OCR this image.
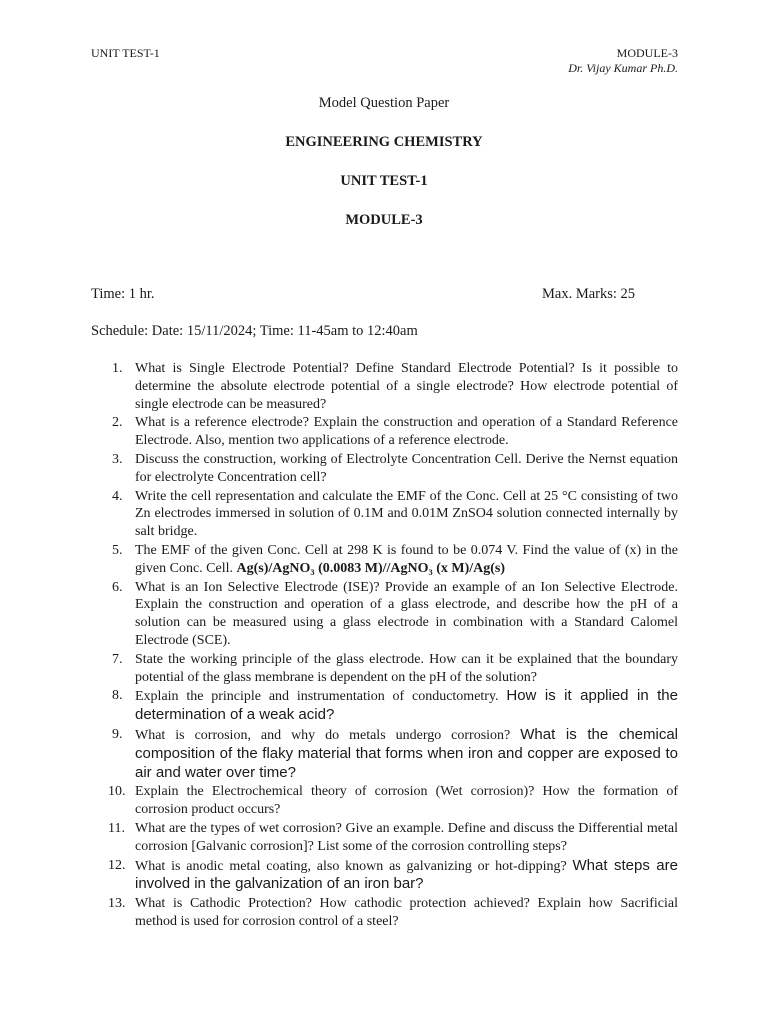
UNIT TEST-1	MODULE-3
Dr. Vijay Kumar Ph.D.
Model Question Paper
ENGINEERING CHEMISTRY
UNIT TEST-1
MODULE-3
Time: 1 hr.	Max. Marks: 25
Schedule: Date: 15/11/2024; Time: 11-45am to 12:40am
1. What is Single Electrode Potential? Define Standard Electrode Potential? Is it possible to determine the absolute electrode potential of a single electrode? How electrode potential of single electrode can be measured?
2. What is a reference electrode? Explain the construction and operation of a Standard Reference Electrode. Also, mention two applications of a reference electrode.
3. Discuss the construction, working of Electrolyte Concentration Cell. Derive the Nernst equation for electrolyte Concentration cell?
4. Write the cell representation and calculate the EMF of the Conc. Cell at 25 °C consisting of two Zn electrodes immersed in solution of 0.1M and 0.01M ZnSO4 solution connected internally by salt bridge.
5. The EMF of the given Conc. Cell at 298 K is found to be 0.074 V. Find the value of (x) in the given Conc. Cell. Ag(s)/AgNO₃ (0.0083 M)//AgNO₃ (x M)/Ag(s)
6. What is an Ion Selective Electrode (ISE)? Provide an example of an Ion Selective Electrode. Explain the construction and operation of a glass electrode, and describe how the pH of a solution can be measured using a glass electrode in combination with a Standard Calomel Electrode (SCE).
7. State the working principle of the glass electrode. How can it be explained that the boundary potential of the glass membrane is dependent on the pH of the solution?
8. Explain the principle and instrumentation of conductometry. How is it applied in the determination of a weak acid?
9. What is corrosion, and why do metals undergo corrosion? What is the chemical composition of the flaky material that forms when iron and copper are exposed to air and water over time?
10. Explain the Electrochemical theory of corrosion (Wet corrosion)? How the formation of corrosion product occurs?
11. What are the types of wet corrosion? Give an example. Define and discuss the Differential metal corrosion [Galvanic corrosion]? List some of the corrosion controlling steps?
12. What is anodic metal coating, also known as galvanizing or hot-dipping? What steps are involved in the galvanization of an iron bar?
13. What is Cathodic Protection? How cathodic protection achieved? Explain how Sacrificial method is used for corrosion control of a steel?
